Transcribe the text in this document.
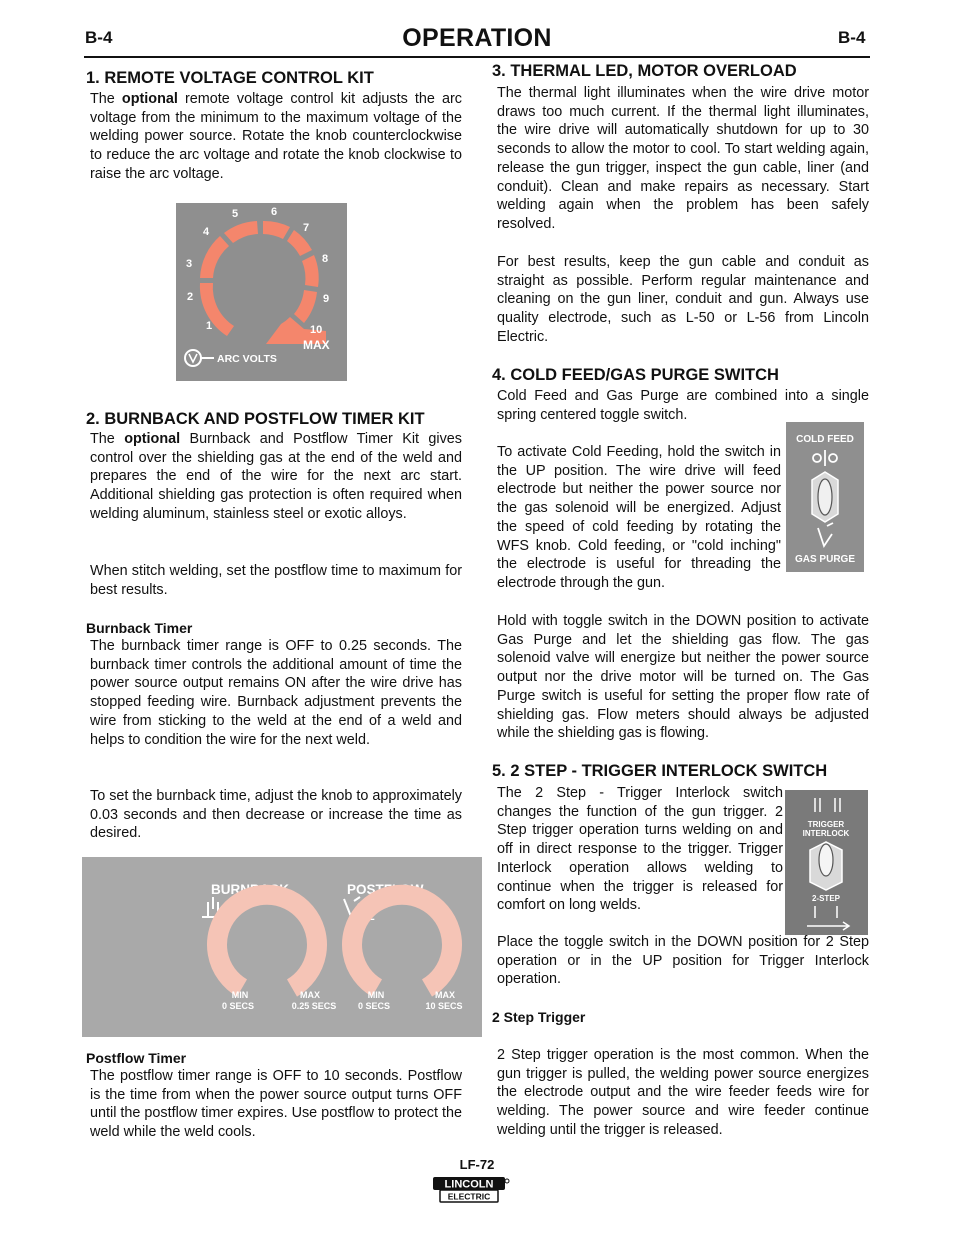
B-4	OPERATION	B-4
1. REMOTE VOLTAGE CONTROL KIT

The optional remote voltage control kit adjusts the arc voltage from the minimum to the maximum voltage of the welding power source. Rotate the knob counterclockwise to reduce the arc voltage and rotate the knob clockwise to raise the arc voltage.

1
2
3
4
5	6
7
8
9
10
MAX
ARC VOLTS
2. BURNBACK AND POSTFLOW TIMER KIT

The optional Burnback and Postflow Timer Kit gives control over the shielding gas at the end of the weld and prepares the end of the wire for the next arc start. Additional shielding gas protection is often required when welding aluminum, stainless steel or exotic alloys.

When stitch welding, set the postflow time to maximum for best results.

Burnback Timer

The burnback timer range is OFF to 0.25 seconds. The burnback timer controls the additional amount of time the power source output remains ON after the wire drive has stopped feeding wire. Burnback adjustment prevents the wire from sticking to the weld at the end of a weld and helps to condition the wire for the next weld.

To set the burnback time, adjust the knob to approximately 0.03 seconds and then decrease or increase the time as desired.

BURNBACK	POSTFLOW
t	t2
MIN
0 SECS
MAX
0.25 SECS
MIN
0 SECS
MAX
10 SECS
Postflow Timer

The postflow timer range is OFF to 10 seconds. Postflow is the time from when the power source output turns OFF until the postflow timer expires. Use postflow to protect the weld while the weld cools.

3. THERMAL LED, MOTOR OVERLOAD

The thermal light illuminates when the wire drive motor draws too much current. If the thermal light illuminates, the wire drive will automatically shutdown for up to 30 seconds to allow the motor to cool. To start welding again, release the gun trigger, inspect the gun cable, liner (and conduit). Clean and make repairs as necessary. Start welding again when the problem has been safely resolved.

For best results, keep the gun cable and conduit as straight as possible. Perform regular maintenance and cleaning on the gun liner, conduit and gun. Always use quality electrode, such as L-50 or L-56 from Lincoln Electric.

4. COLD FEED/GAS PURGE SWITCH

Cold Feed and Gas Purge are combined into a single spring centered toggle switch.

To activate Cold Feeding, hold the switch in the UP position. The wire drive will feed electrode but neither the power source nor the gas solenoid will be energized. Adjust the speed of cold feeding by rotating the WFS knob. Cold feeding, or "cold inching" the electrode is useful for threading the electrode through the gun.

COLD FEED
GAS PURGE

Hold with toggle switch in the DOWN position to activate Gas Purge and let the shielding gas flow. The gas solenoid valve will energize but neither the power source output nor the drive motor will be turned on. The Gas Purge switch is useful for setting the proper flow rate of shielding gas. Flow meters should always be adjusted while the shielding gas is flowing.

5. 2 STEP - TRIGGER INTERLOCK SWITCH

The 2 Step - Trigger Interlock switch changes the function of the gun trigger. 2 Step trigger operation turns welding on and off in direct response to the trigger. Trigger Interlock operation allows welding to continue when the trigger is released for comfort on long welds.

TRIGGER
INTERLOCK
2-STEP

Place the toggle switch in the DOWN position for 2 Step operation or in the UP position for Trigger Interlock operation.

2 Step Trigger

2 Step trigger operation is the most common. When the gun trigger is pulled, the welding power source energizes the electrode output and the wire feeder feeds wire for welding. The power source and wire feeder continue welding until the trigger is released.

LF-72
LINCOLN
ELECTRIC
